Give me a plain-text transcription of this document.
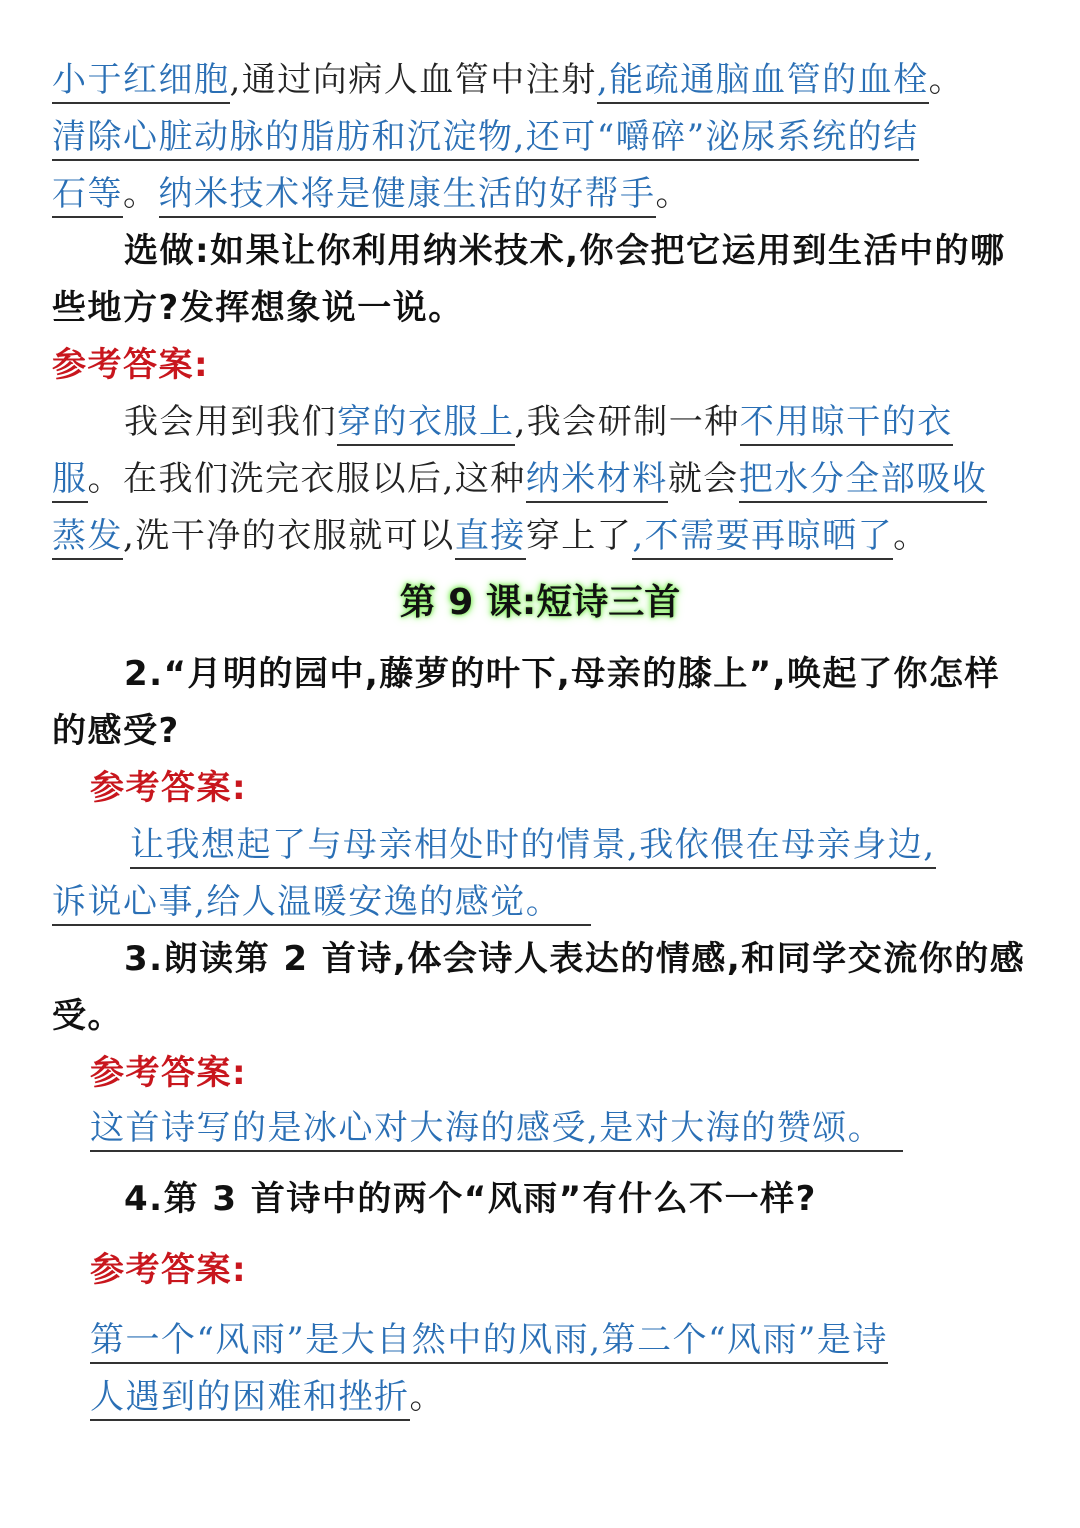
小于红细胞,通过向病人血管中注射,能疏通脑血管的血栓。
清除心脏动脉的脂肪和沉淀物,还可“嚼碎”泌尿系统的结
石等。纳米技术将是健康生活的好帮手。
选做:如果让你利用纳米技术,你会把它运用到生活中的哪
些地方?发挥想象说一说。
参考答案:
我会用到我们穿的衣服上,我会研制一种不用晾干的衣
服。在我们洗完衣服以后,这种纳米材料就会把水分全部吸收
蒸发,洗干净的衣服就可以直接穿上了,不需要再晾晒了。
第 9 课:短诗三首
2.“月明的园中,藤萝的叶下,母亲的膝上”,唤起了你怎样
的感受?
参考答案:
让我想起了与母亲相处时的情景,我依偎在母亲身边,
诉说心事,给人温暖安逸的感觉。
3.朗读第 2 首诗,体会诗人表达的情感,和同学交流你的感
受。
参考答案:
这首诗写的是冰心对大海的感受,是对大海的赞颂。
4.第 3 首诗中的两个“风雨”有什么不一样?
参考答案:
第一个“风雨”是大自然中的风雨,第二个“风雨”是诗
人遇到的困难和挫折。
